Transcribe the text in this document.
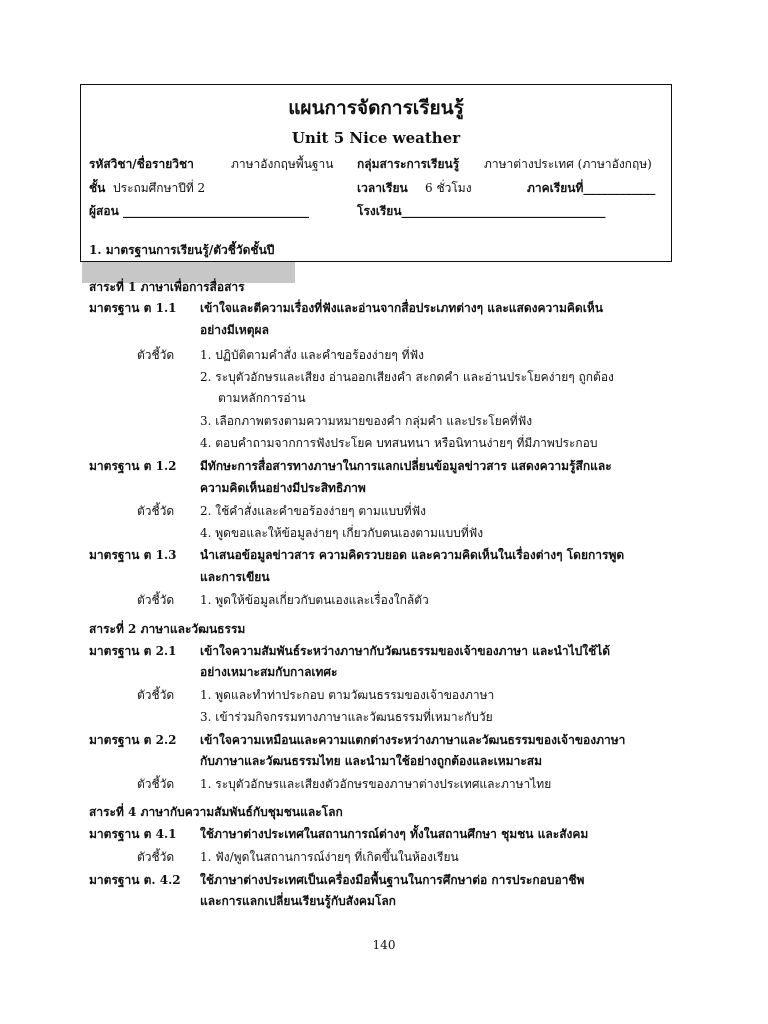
แผนการจัดการเรียนรู้
Unit 5 Nice weather
รหัสวิชา/ชื่อรายวิชา	ภาษาอังกฤษพื้นฐาน กลุ่มสาระการเรียนรู้ ภาษาต่างประเทศ (ภาษาอังกฤษ)
ชั้น ประถมศึกษาปีที่ 2	เวลาเรียน 6 ชั่วโมง	ภาคเรียนที่____________
ผู้สอน _______________________________	โรงเรียน__________________________________
1. มาตรฐานการเรียนรู้/ตัวชี้วัดชั้นปี
สาระที่ 1 ภาษาเพื่อการสื่อสาร
มาตรฐาน ต 1.1 เข้าใจและตีความเรื่องที่ฟังและอ่านจากสื่อประเภทต่างๆ และแสดงความคิดเห็น
อย่างมีเหตุผล
ตัวชี้วัด 1. ปฏิบัติตามคำสั่ง และคำขอร้องง่ายๆ ที่ฟัง
2. ระบุตัวอักษรและเสียง อ่านออกเสียงคำ สะกดคำ และอ่านประโยคง่ายๆ ถูกต้อง
ตามหลักการอ่าน
3. เลือกภาพตรงตามความหมายของคำ กลุ่มคำ และประโยคที่ฟัง
4. ตอบคำถามจากการฟังประโยค บทสนทนา หรือนิทานง่ายๆ ที่มีภาพประกอบ
มาตรฐาน ต 1.2 มีทักษะการสื่อสารทางภาษาในการแลกเปลี่ยนข้อมูลข่าวสาร แสดงความรู้สึกและ
ความคิดเห็นอย่างมีประสิทธิภาพ
ตัวชี้วัด 2. ใช้คำสั่งและคำขอร้องง่ายๆ ตามแบบที่ฟัง
4. พูดขอและให้ข้อมูลง่ายๆ เกี่ยวกับตนเองตามแบบที่ฟัง
มาตรฐาน ต 1.3 นำเสนอข้อมูลข่าวสาร ความคิดรวบยอด และความคิดเห็นในเรื่องต่างๆ โดยการพูด
และการเขียน
ตัวชี้วัด 1. พูดให้ข้อมูลเกี่ยวกับตนเองและเรื่องใกล้ตัว
สาระที่ 2 ภาษาและวัฒนธรรม
มาตรฐาน ต 2.1 เข้าใจความสัมพันธ์ระหว่างภาษากับวัฒนธรรมของเจ้าของภาษา และนำไปใช้ได้
อย่างเหมาะสมกับกาลเทศะ
ตัวชี้วัด 1. พูดและทำท่าประกอบ ตามวัฒนธรรมของเจ้าของภาษา
3. เข้าร่วมกิจกรรมทางภาษาและวัฒนธรรมที่เหมาะกับวัย
มาตรฐาน ต 2.2 เข้าใจความเหมือนและความแตกต่างระหว่างภาษาและวัฒนธรรมของเจ้าของภาษา
กับภาษาและวัฒนธรรมไทย และนำมาใช้อย่างถูกต้องและเหมาะสม
ตัวชี้วัด 1. ระบุตัวอักษรและเสียงตัวอักษรของภาษาต่างประเทศและภาษาไทย
สาระที่ 4 ภาษากับความสัมพันธ์กับชุมชนและโลก
มาตรฐาน ต 4.1 ใช้ภาษาต่างประเทศในสถานการณ์ต่างๆ ทั้งในสถานศึกษา ชุมชน และสังคม
ตัวชี้วัด 1. ฟัง/พูดในสถานการณ์ง่ายๆ ที่เกิดขึ้นในห้องเรียน
มาตรฐาน ต. 4.2 ใช้ภาษาต่างประเทศเป็นเครื่องมือพื้นฐานในการศึกษาต่อ การประกอบอาชีพ
และการแลกเปลี่ยนเรียนรู้กับสังคมโลก
140
